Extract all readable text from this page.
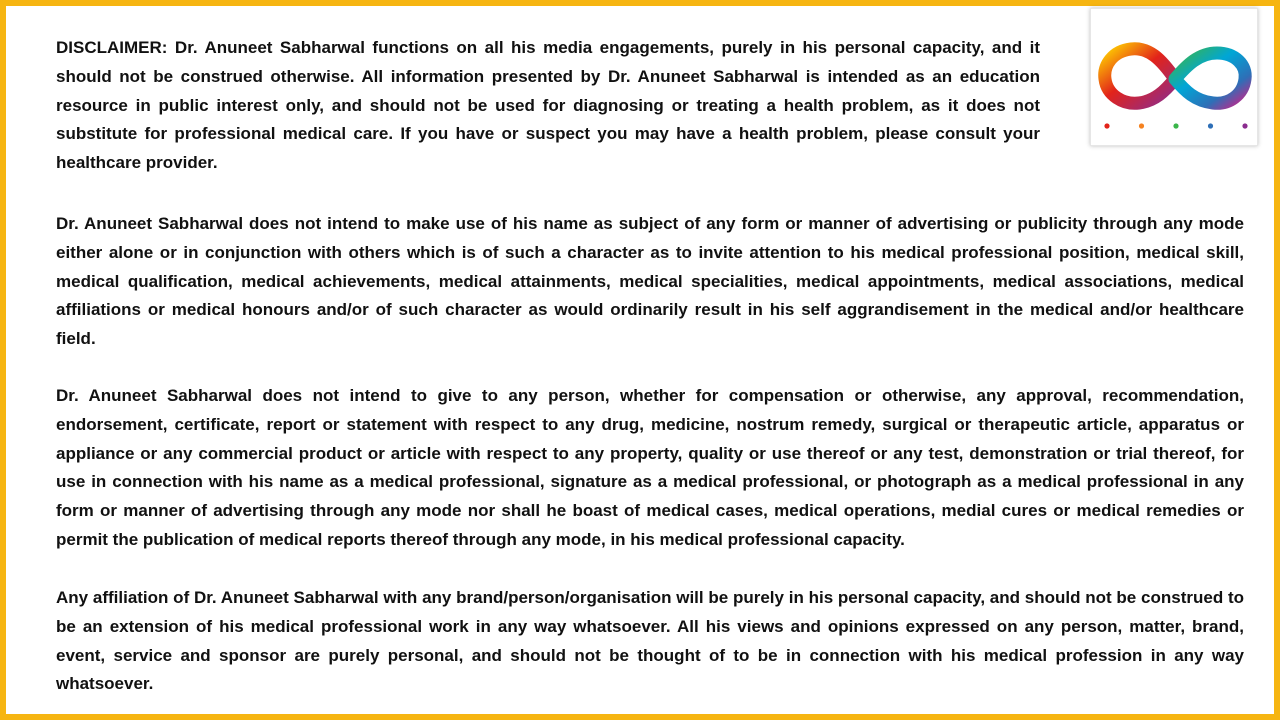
DISCLAIMER: Dr. Anuneet Sabharwal functions on all his media engagements, purely in his personal capacity, and it should not be construed otherwise. All information presented by Dr. Anuneet Sabharwal is intended as an education resource in public interest only, and should not be used for diagnosing or treating a health problem, as it does not substitute for professional medical care. If you have or suspect you may have a health problem, please consult your healthcare provider.

Dr. Anuneet Sabharwal does not intend to make use of his name as subject of any form or manner of advertising or publicity through any mode either alone or in conjunction with others which is of such a character as to invite attention to his medical professional position, medical skill, medical qualification, medical achievements, medical attainments, medical specialities, medical appointments, medical associations, medical affiliations or medical honours and/or of such character as would ordinarily result in his self aggrandisement in the medical and/or healthcare field.

Dr. Anuneet Sabharwal does not intend to give to any person, whether for compensation or otherwise, any approval, recommendation, endorsement, certificate, report or statement with respect to any drug, medicine, nostrum remedy, surgical or therapeutic article, apparatus or appliance or any commercial product or article with respect to any property, quality or use thereof or any test, demonstration or trial thereof, for use in connection with his name as a medical professional, signature as a medical professional, or photograph as a medical professional in any form or manner of advertising through any mode nor shall he boast of medical cases, medical operations, medial cures or medical remedies or permit the publication of medical reports thereof through any mode, in his medical professional capacity.

Any affiliation of Dr. Anuneet Sabharwal with any brand/person/organisation will be purely in his personal capacity, and should not be construed to be an extension of his medical professional work in any way whatsoever. All his views and opinions expressed on any person, matter, brand, event, service and sponsor are purely personal, and should not be thought of to be in connection with his medical profession in any way whatsoever.
